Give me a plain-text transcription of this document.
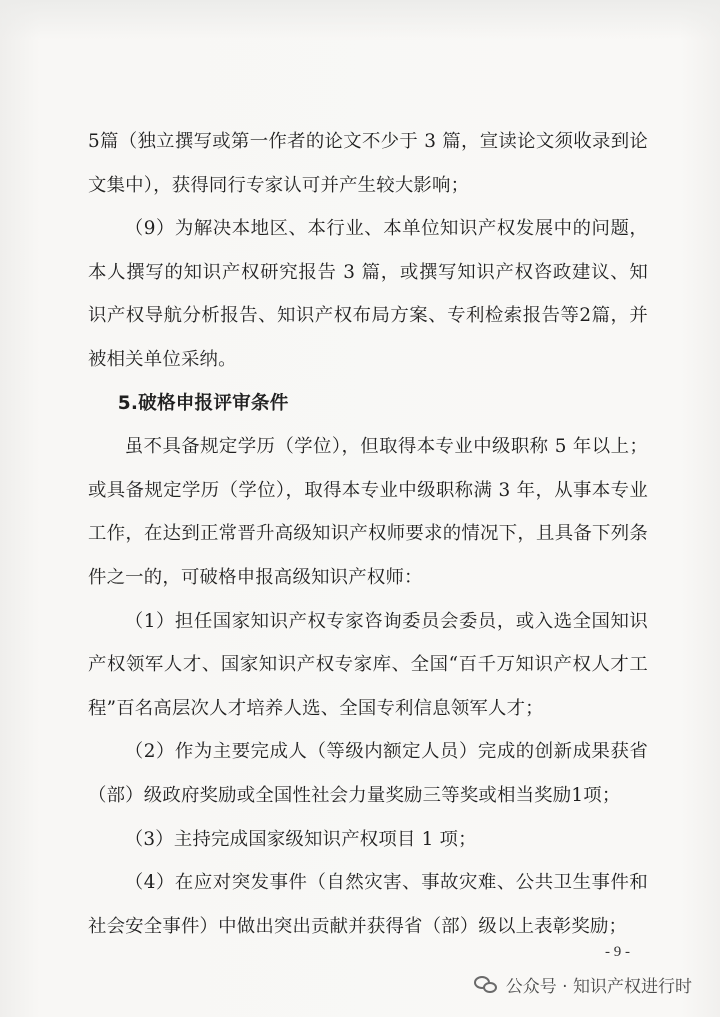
5篇（独立撰写或第一作者的论文不少于 3 篇，宣读论文须收录到论文集中），获得同行专家认可并产生较大影响；

（9）为解决本地区、本行业、本单位知识产权发展中的问题，本人撰写的知识产权研究报告 3 篇，或撰写知识产权咨政建议、知识产权导航分析报告、知识产权布局方案、专利检索报告等2篇，并被相关单位采纳。

5.破格申报评审条件

虽不具备规定学历（学位），但取得本专业中级职称 5 年以上；或具备规定学历（学位），取得本专业中级职称满 3 年，从事本专业工作，在达到正常晋升高级知识产权师要求的情况下，且具备下列条件之一的，可破格申报高级知识产权师：

（1）担任国家知识产权专家咨询委员会委员，或入选全国知识产权领军人才、国家知识产权专家库、全国“百千万知识产权人才工程”百名高层次人才培养人选、全国专利信息领军人才；

（2）作为主要完成人（等级内额定人员）完成的创新成果获省（部）级政府奖励或全国性社会力量奖励三等奖或相当奖励1项；

（3）主持完成国家级知识产权项目 1 项；

（4）在应对突发事件（自然灾害、事故灾难、公共卫生事件和社会安全事件）中做出突出贡献并获得省（部）级以上表彰奖励；

- 9 -
公众号 · 知识产权进行时
